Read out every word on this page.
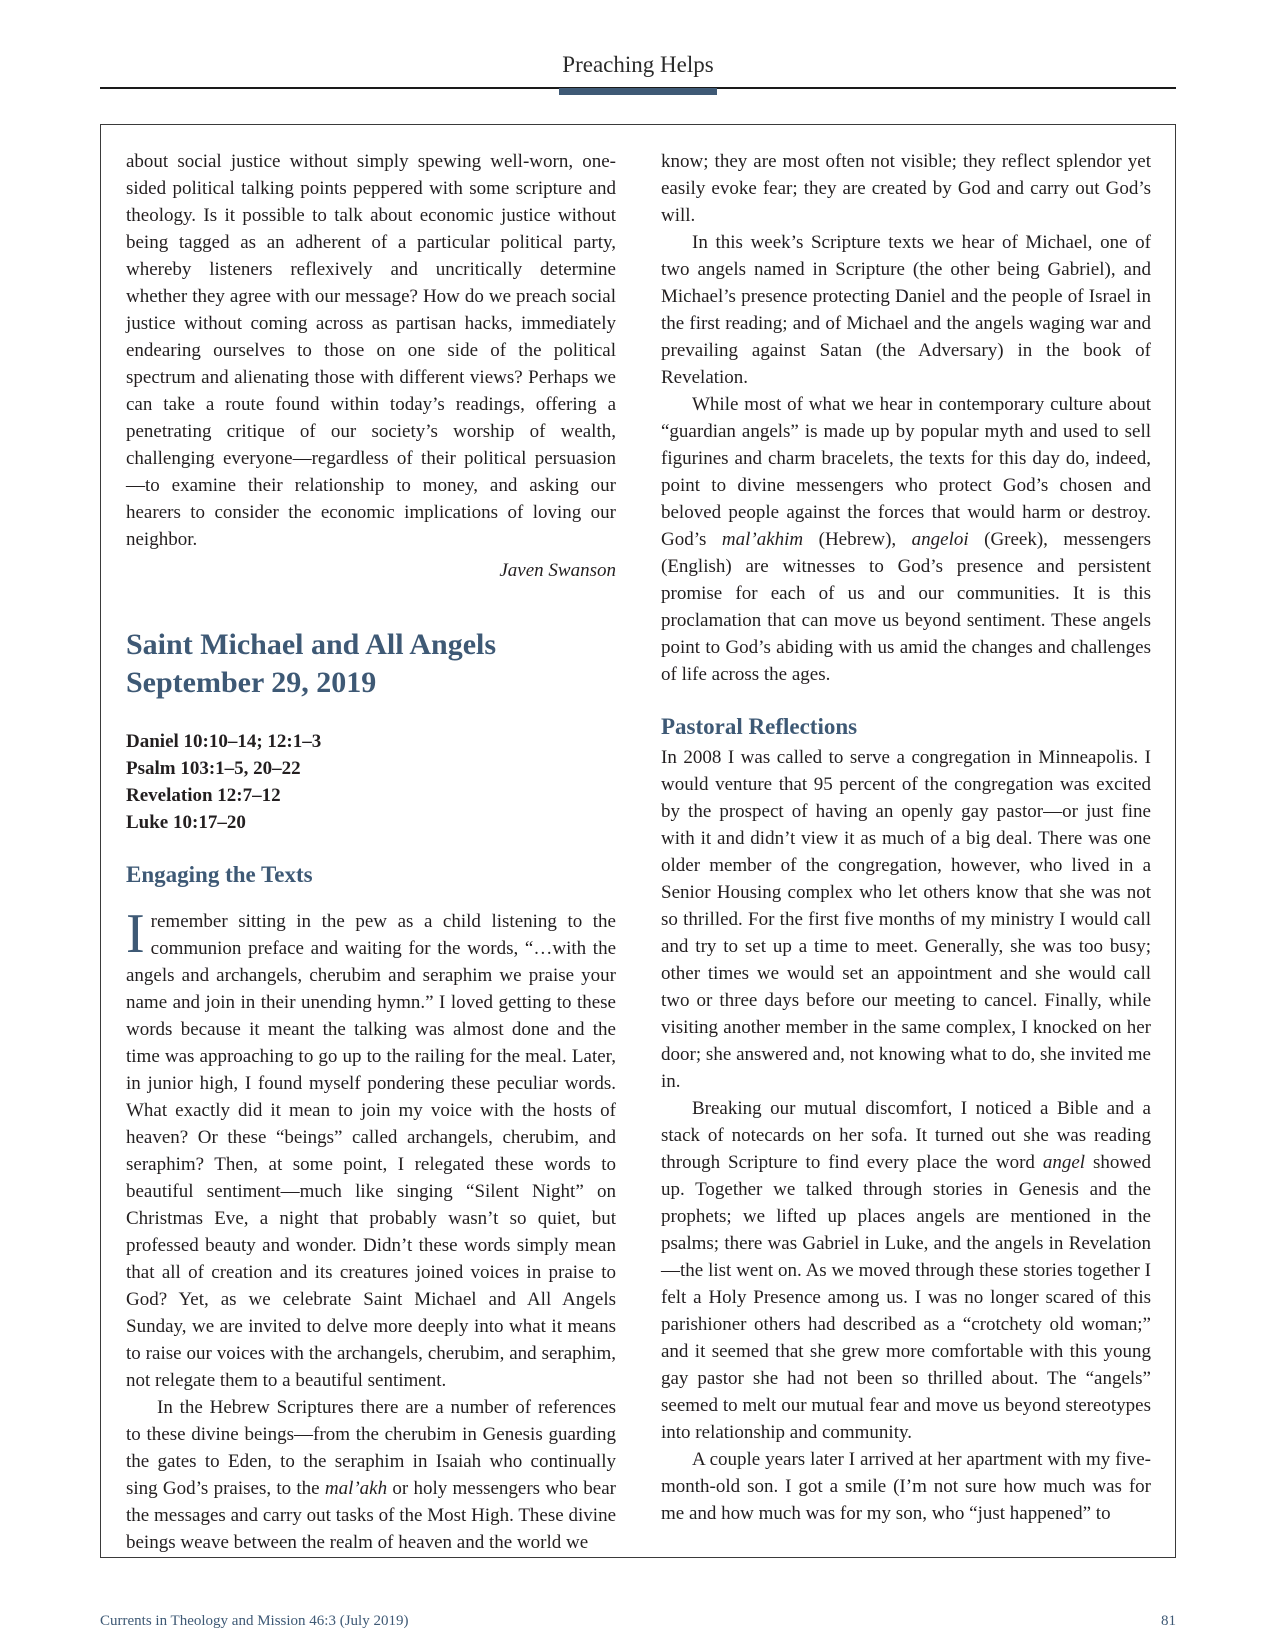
Preaching Helps

about social justice without simply spewing well-worn, one-sided political talking points peppered with some scripture and theology. Is it possible to talk about economic justice without being tagged as an adherent of a particular political party, whereby listeners reflexively and uncritically determine whether they agree with our message? How do we preach social justice without coming across as partisan hacks, immediately endearing ourselves to those on one side of the political spectrum and alienating those with different views? Perhaps we can take a route found within today’s readings, offering a penetrating critique of our society’s worship of wealth, challenging everyone—regardless of their political persuasion—to examine their relationship to money, and asking our hearers to consider the economic implications of loving our neighbor.

Javen Swanson

Saint Michael and All Angels
September 29, 2019

Daniel 10:10–14; 12:1–3
Psalm 103:1–5, 20–22
Revelation 12:7–12
Luke 10:17–20

Engaging the Texts

Iremember sitting in the pew as a child listening to the communion preface and waiting for the words, “…with the angels and archangels, cherubim and seraphim we praise your name and join in their unending hymn.” I loved getting to these words because it meant the talking was almost done and the time was approaching to go up to the railing for the meal. Later, in junior high, I found myself pondering these peculiar words. What exactly did it mean to join my voice with the hosts of heaven? Or these “beings” called archangels, cherubim, and seraphim? Then, at some point, I relegated these words to beautiful sentiment—much like singing “Silent Night” on Christmas Eve, a night that probably wasn’t so quiet, but professed beauty and wonder. Didn’t these words simply mean that all of creation and its creatures joined voices in praise to God? Yet, as we celebrate Saint Michael and All Angels Sunday, we are invited to delve more deeply into what it means to raise our voices with the archangels, cherubim, and seraphim, not relegate them to a beautiful sentiment.

In the Hebrew Scriptures there are a number of references to these divine beings—from the cherubim in Genesis guarding the gates to Eden, to the seraphim in Isaiah who continually sing God’s praises, to the mal’akh or holy messengers who bear the messages and carry out tasks of the Most High. These divine beings weave between the realm of heaven and the world we

know; they are most often not visible; they reflect splendor yet easily evoke fear; they are created by God and carry out God’s will.

In this week’s Scripture texts we hear of Michael, one of two angels named in Scripture (the other being Gabriel), and Michael’s presence protecting Daniel and the people of Israel in the first reading; and of Michael and the angels waging war and prevailing against Satan (the Adversary) in the book of Revelation.

While most of what we hear in contemporary culture about “guardian angels” is made up by popular myth and used to sell figurines and charm bracelets, the texts for this day do, indeed, point to divine messengers who protect God’s chosen and beloved people against the forces that would harm or destroy. God’s mal’akhim (Hebrew), angeloi (Greek), messengers (English) are witnesses to God’s presence and persistent promise for each of us and our communities. It is this proclamation that can move us beyond sentiment. These angels point to God’s abiding with us amid the changes and challenges of life across the ages.

Pastoral Reflections

In 2008 I was called to serve a congregation in Minneapolis. I would venture that 95 percent of the congregation was excited by the prospect of having an openly gay pastor—or just fine with it and didn’t view it as much of a big deal. There was one older member of the congregation, however, who lived in a Senior Housing complex who let others know that she was not so thrilled. For the first five months of my ministry I would call and try to set up a time to meet. Generally, she was too busy; other times we would set an appointment and she would call two or three days before our meeting to cancel. Finally, while visiting another member in the same complex, I knocked on her door; she answered and, not knowing what to do, she invited me in.

Breaking our mutual discomfort, I noticed a Bible and a stack of notecards on her sofa. It turned out she was reading through Scripture to find every place the word angel showed up. Together we talked through stories in Genesis and the prophets; we lifted up places angels are mentioned in the psalms; there was Gabriel in Luke, and the angels in Revelation—the list went on. As we moved through these stories together I felt a Holy Presence among us. I was no longer scared of this parishioner others had described as a “crotchety old woman;” and it seemed that she grew more comfortable with this young gay pastor she had not been so thrilled about. The “angels” seemed to melt our mutual fear and move us beyond stereotypes into relationship and community.

A couple years later I arrived at her apartment with my five-month-old son. I got a smile (I’m not sure how much was for me and how much was for my son, who “just happened” to

Currents in Theology and Mission 46:3 (July 2019)	81
